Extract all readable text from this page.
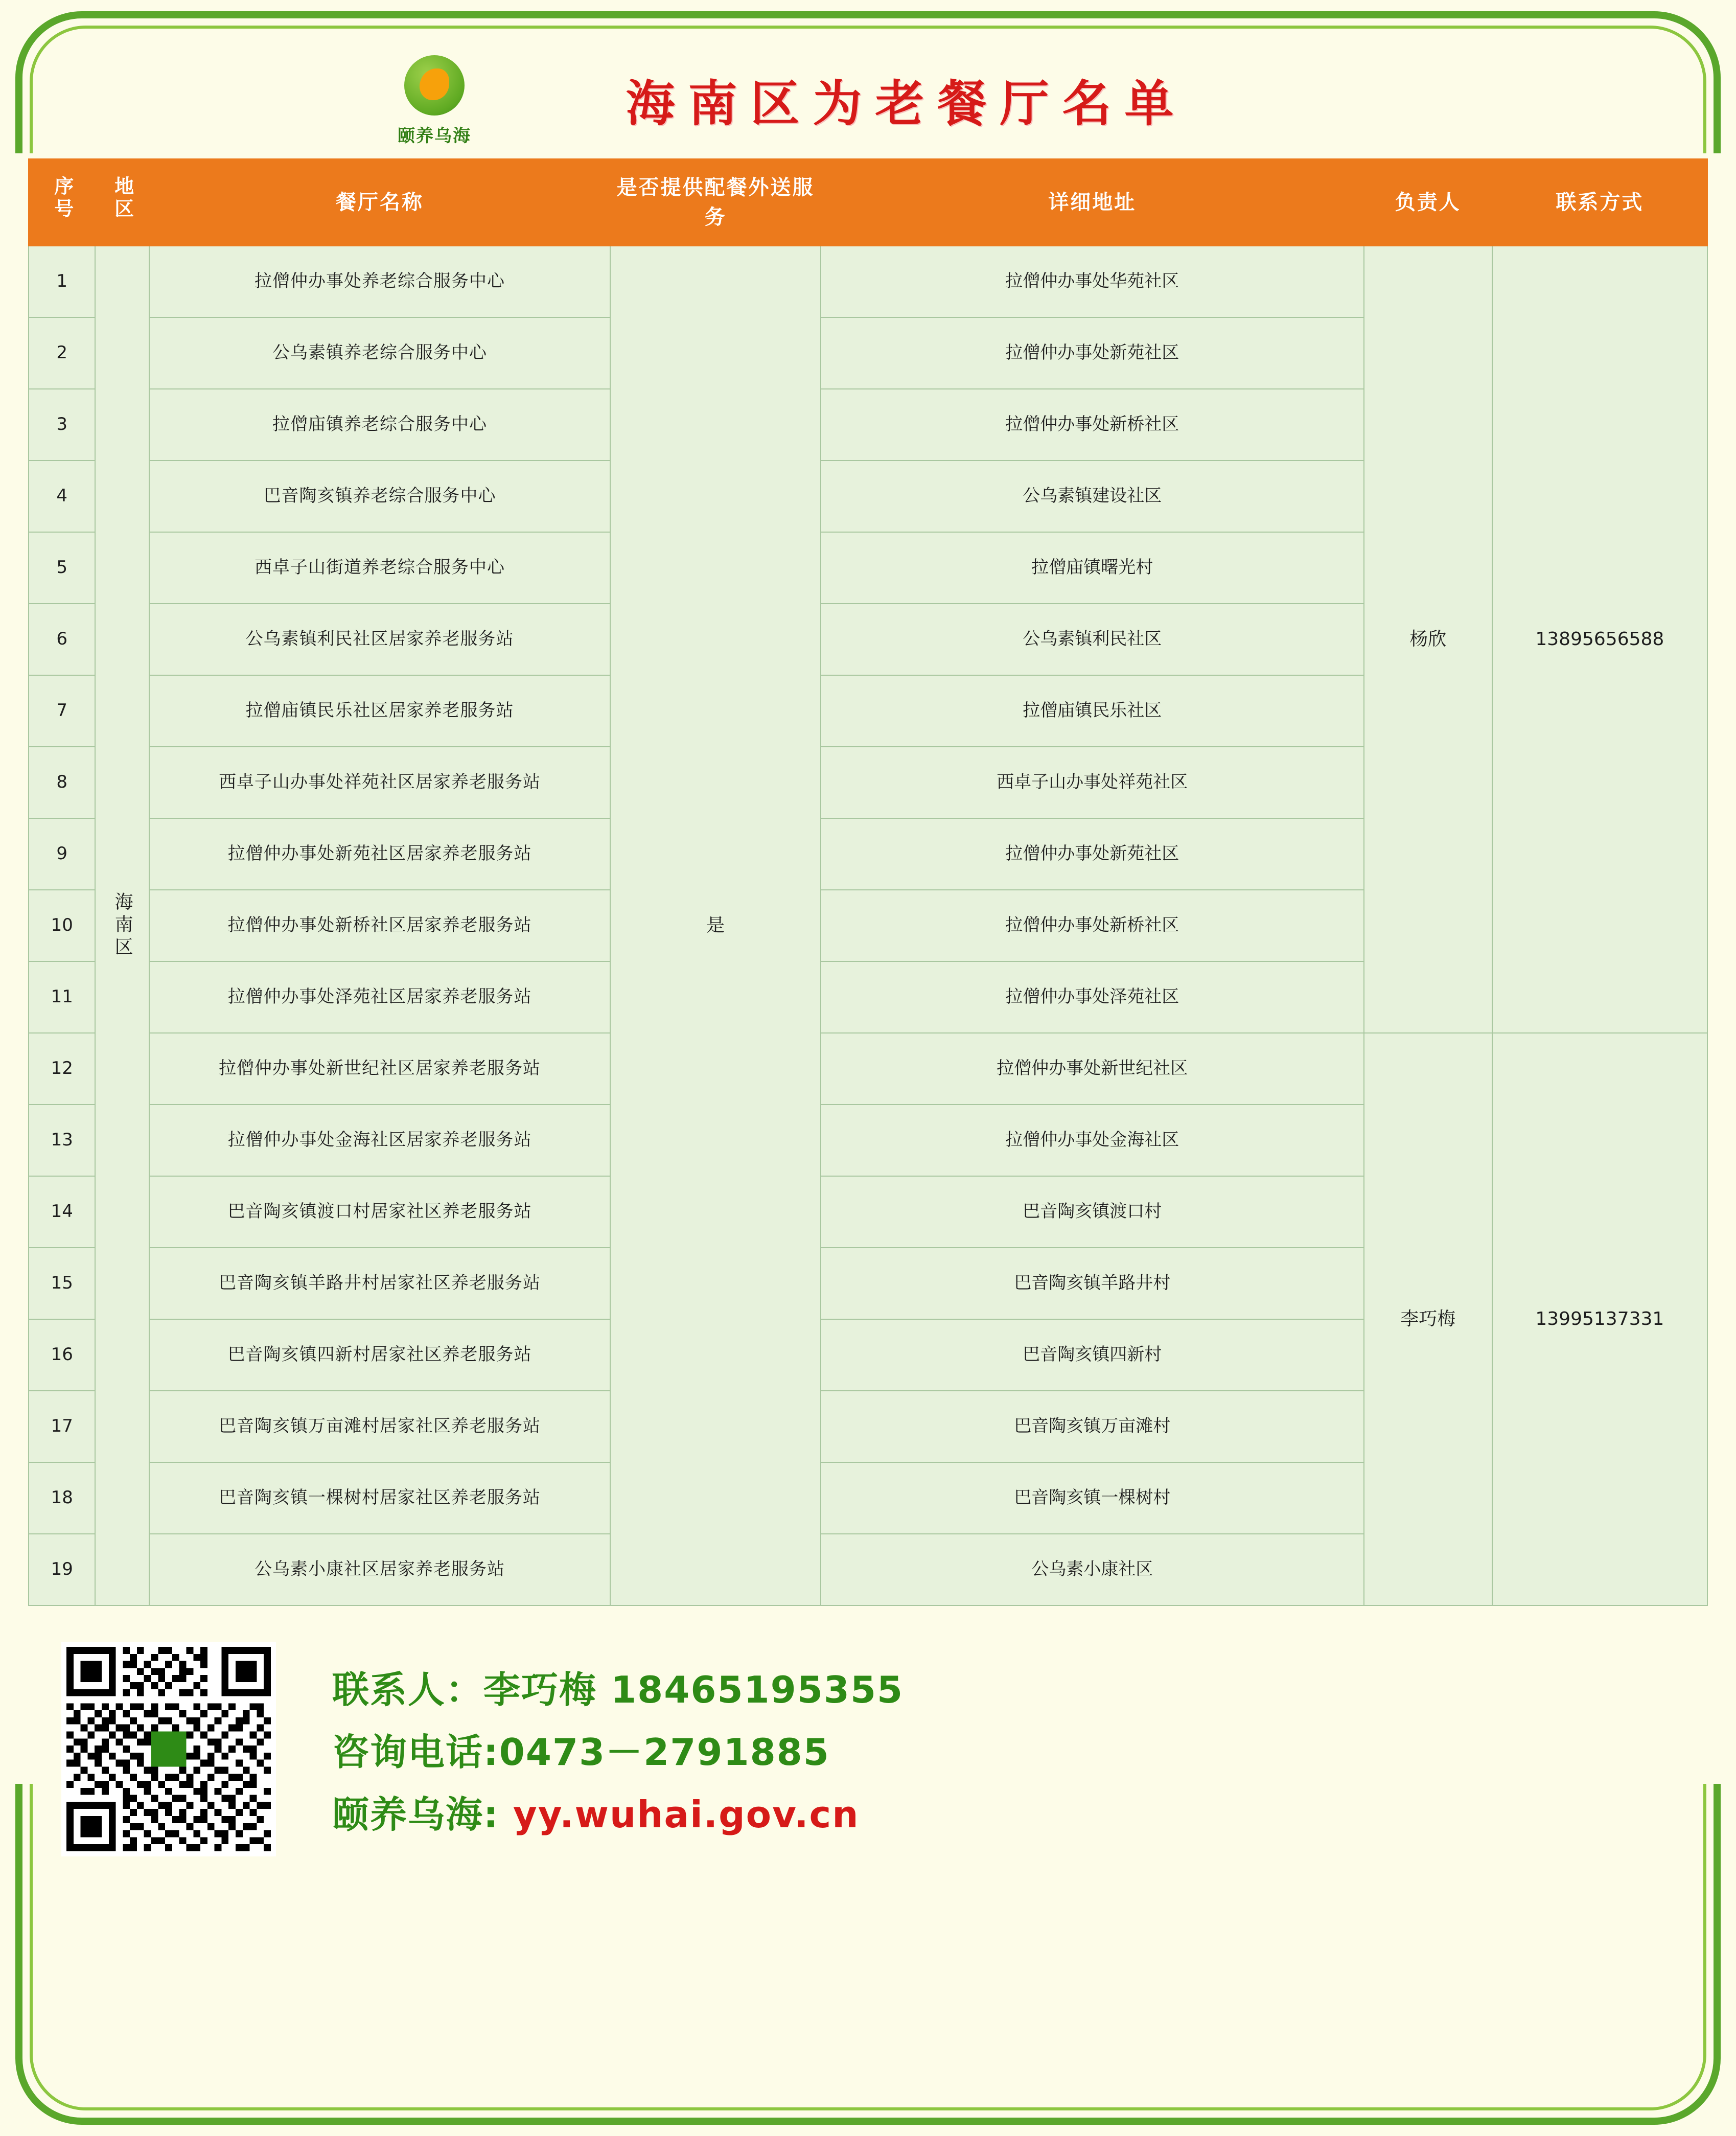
颐养乌海
海南区为老餐厅名单
序号	地区	餐厅名称	是否提供配餐外送服务	详细地址	负责人	联系方式
1	海南区	拉僧仲办事处养老综合服务中心	是	拉僧仲办事处华苑社区	杨欣	13895656588
2		公乌素镇养老综合服务中心		拉僧仲办事处新苑社区		
3		拉僧庙镇养老综合服务中心		拉僧仲办事处新桥社区		
4		巴音陶亥镇养老综合服务中心		公乌素镇建设社区		
5		西卓子山街道养老综合服务中心		拉僧庙镇曙光村		
6		公乌素镇利民社区居家养老服务站		公乌素镇利民社区		
7		拉僧庙镇民乐社区居家养老服务站		拉僧庙镇民乐社区		
8		西卓子山办事处祥苑社区居家养老服务站		西卓子山办事处祥苑社区		
9		拉僧仲办事处新苑社区居家养老服务站		拉僧仲办事处新苑社区		
10		拉僧仲办事处新桥社区居家养老服务站		拉僧仲办事处新桥社区		
11		拉僧仲办事处泽苑社区居家养老服务站		拉僧仲办事处泽苑社区		
12		拉僧仲办事处新世纪社区居家养老服务站		拉僧仲办事处新世纪社区	李巧梅	13995137331
13		拉僧仲办事处金海社区居家养老服务站		拉僧仲办事处金海社区		
14		巴音陶亥镇渡口村居家社区养老服务站		巴音陶亥镇渡口村		
15		巴音陶亥镇羊路井村居家社区养老服务站		巴音陶亥镇羊路井村		
16		巴音陶亥镇四新村居家社区养老服务站		巴音陶亥镇四新村		
17		巴音陶亥镇万亩滩村居家社区养老服务站		巴音陶亥镇万亩滩村		
18		巴音陶亥镇一棵树村居家社区养老服务站		巴音陶亥镇一棵树村		
19		公乌素小康社区居家养老服务站		公乌素小康社区		
联系人：李巧梅 18465195355
咨询电话:0473－2791885
颐养乌海: yy.wuhai.gov.cn
